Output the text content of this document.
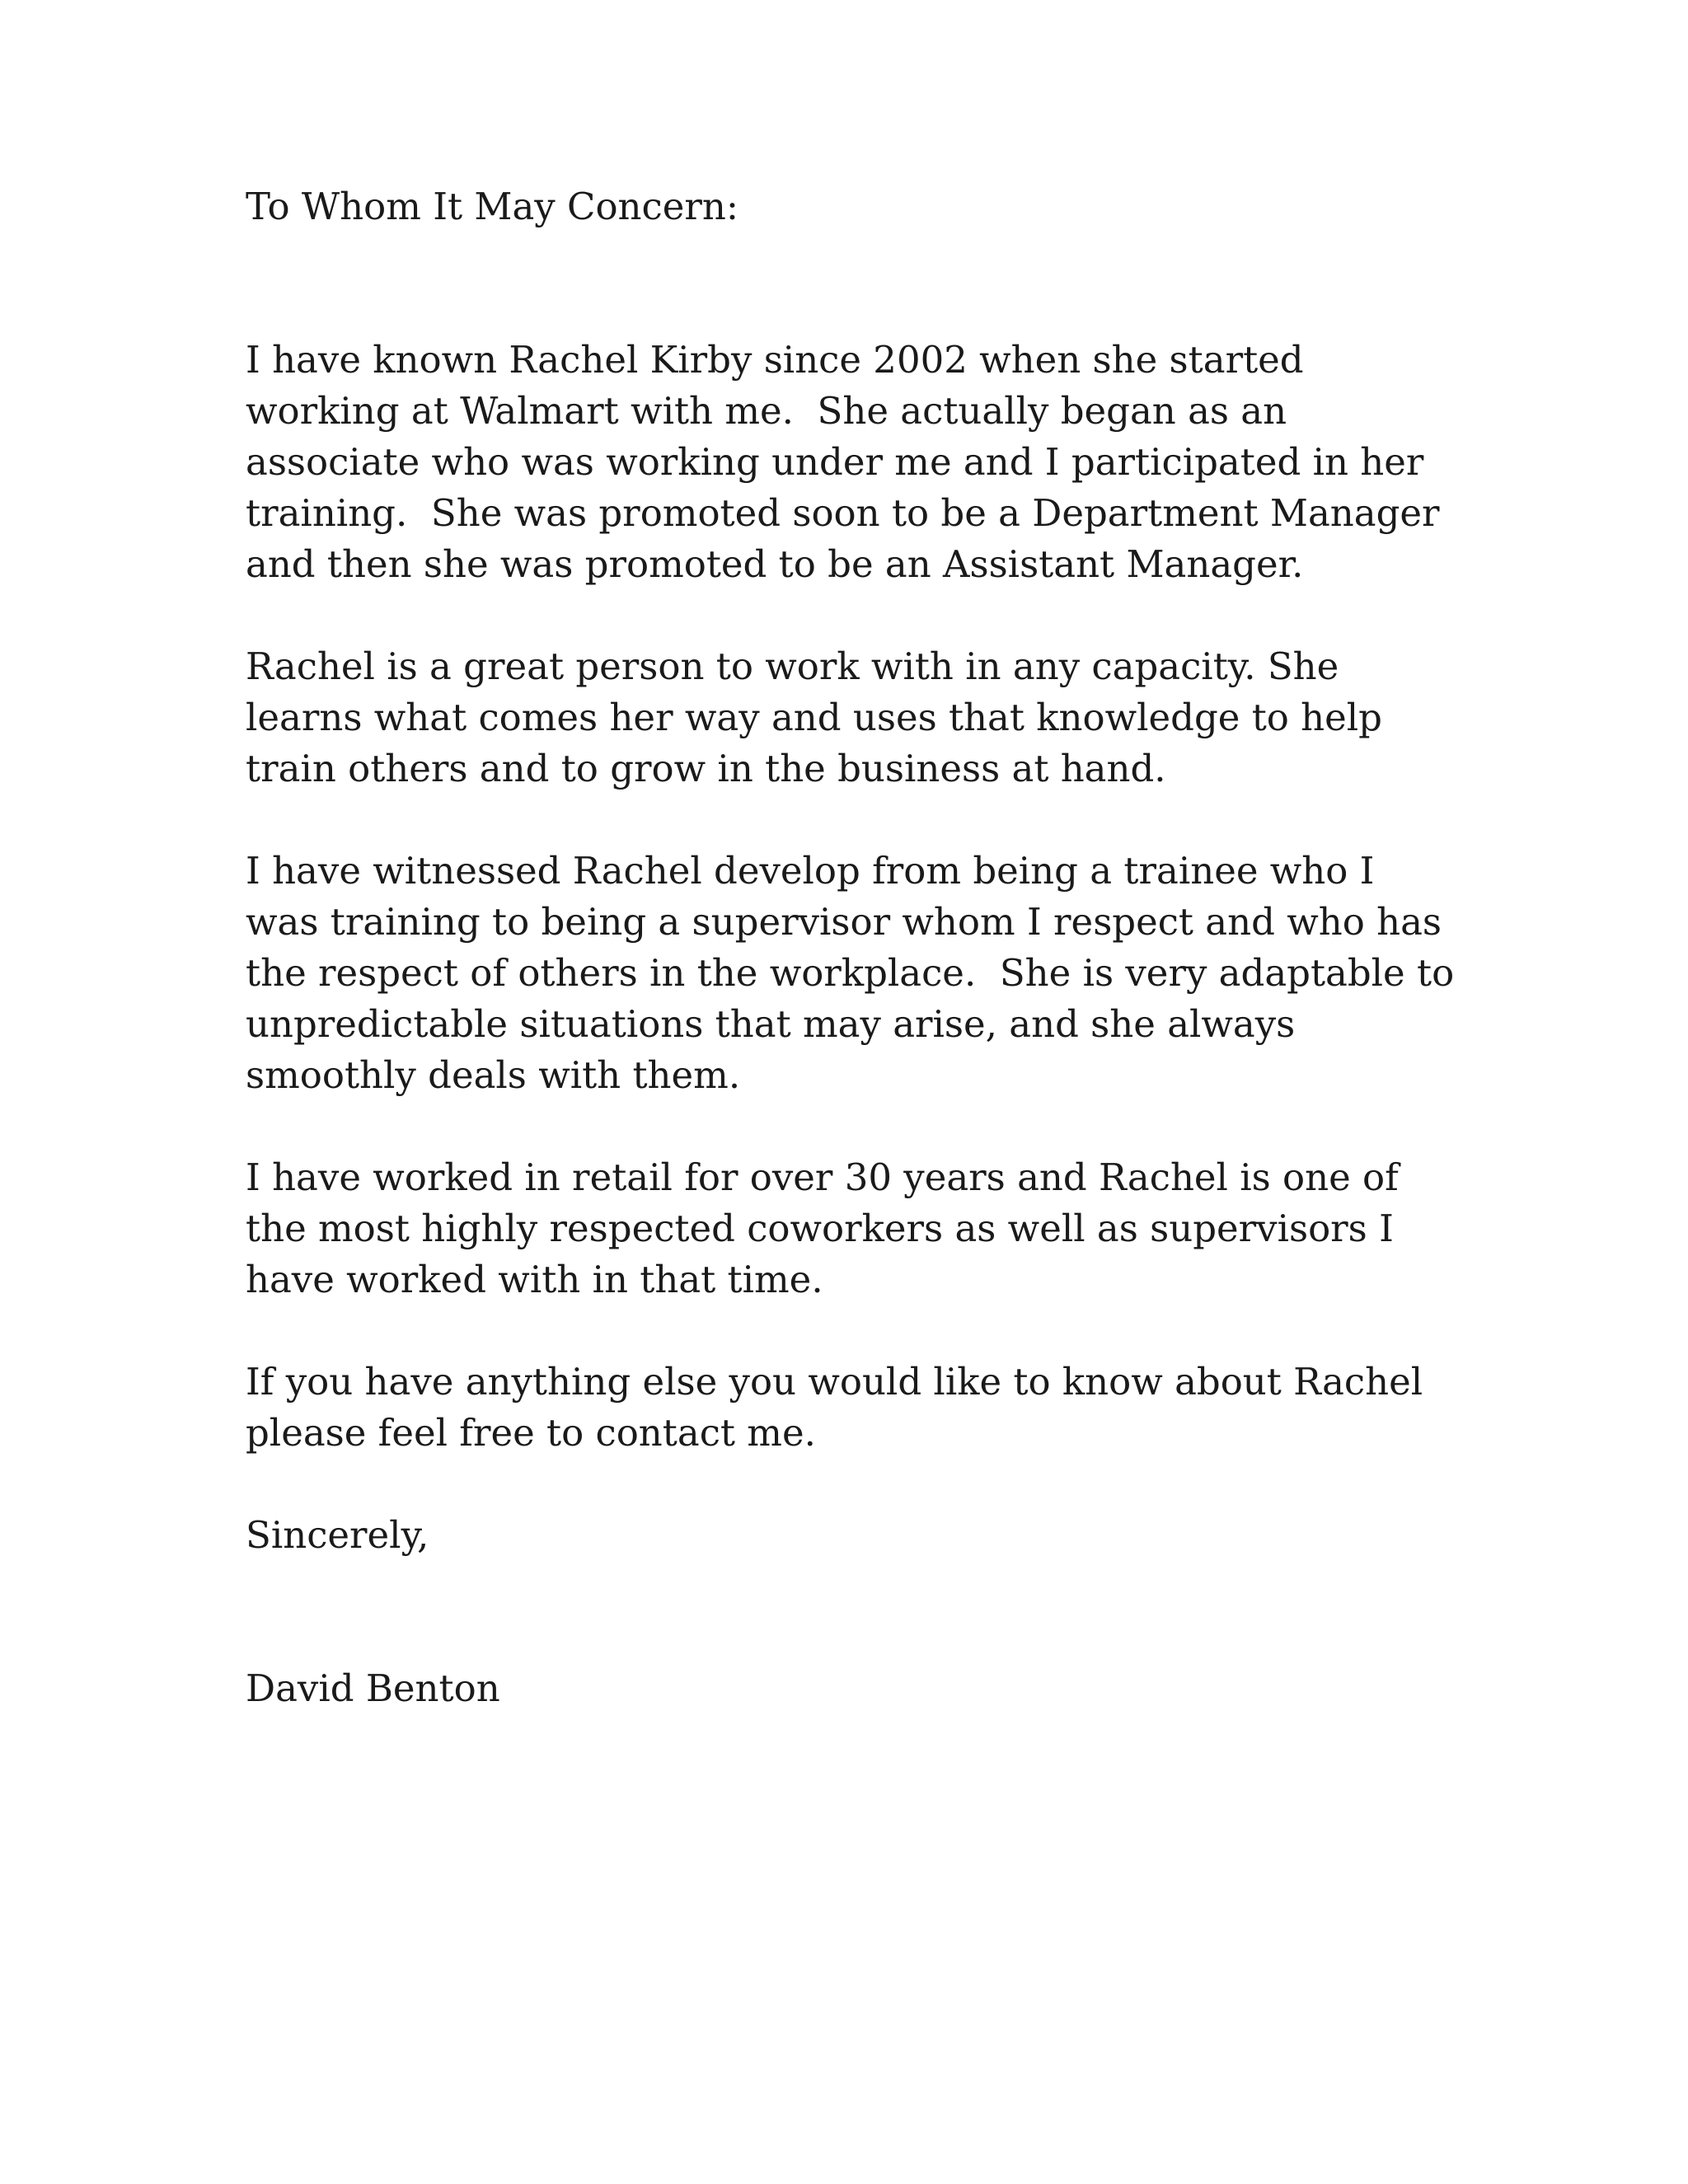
To Whom It May Concern:
I have known Rachel Kirby since 2002 when she started
working at Walmart with me.  She actually began as an
associate who was working under me and I participated in her
training.  She was promoted soon to be a Department Manager
and then she was promoted to be an Assistant Manager.
Rachel is a great person to work with in any capacity. She
learns what comes her way and uses that knowledge to help
train others and to grow in the business at hand.
I have witnessed Rachel develop from being a trainee who I
was training to being a supervisor whom I respect and who has
the respect of others in the workplace.  She is very adaptable to
unpredictable situations that may arise, and she always
smoothly deals with them.
I have worked in retail for over 30 years and Rachel is one of
the most highly respected coworkers as well as supervisors I
have worked with in that time.
If you have anything else you would like to know about Rachel
please feel free to contact me.
Sincerely,
David Benton
